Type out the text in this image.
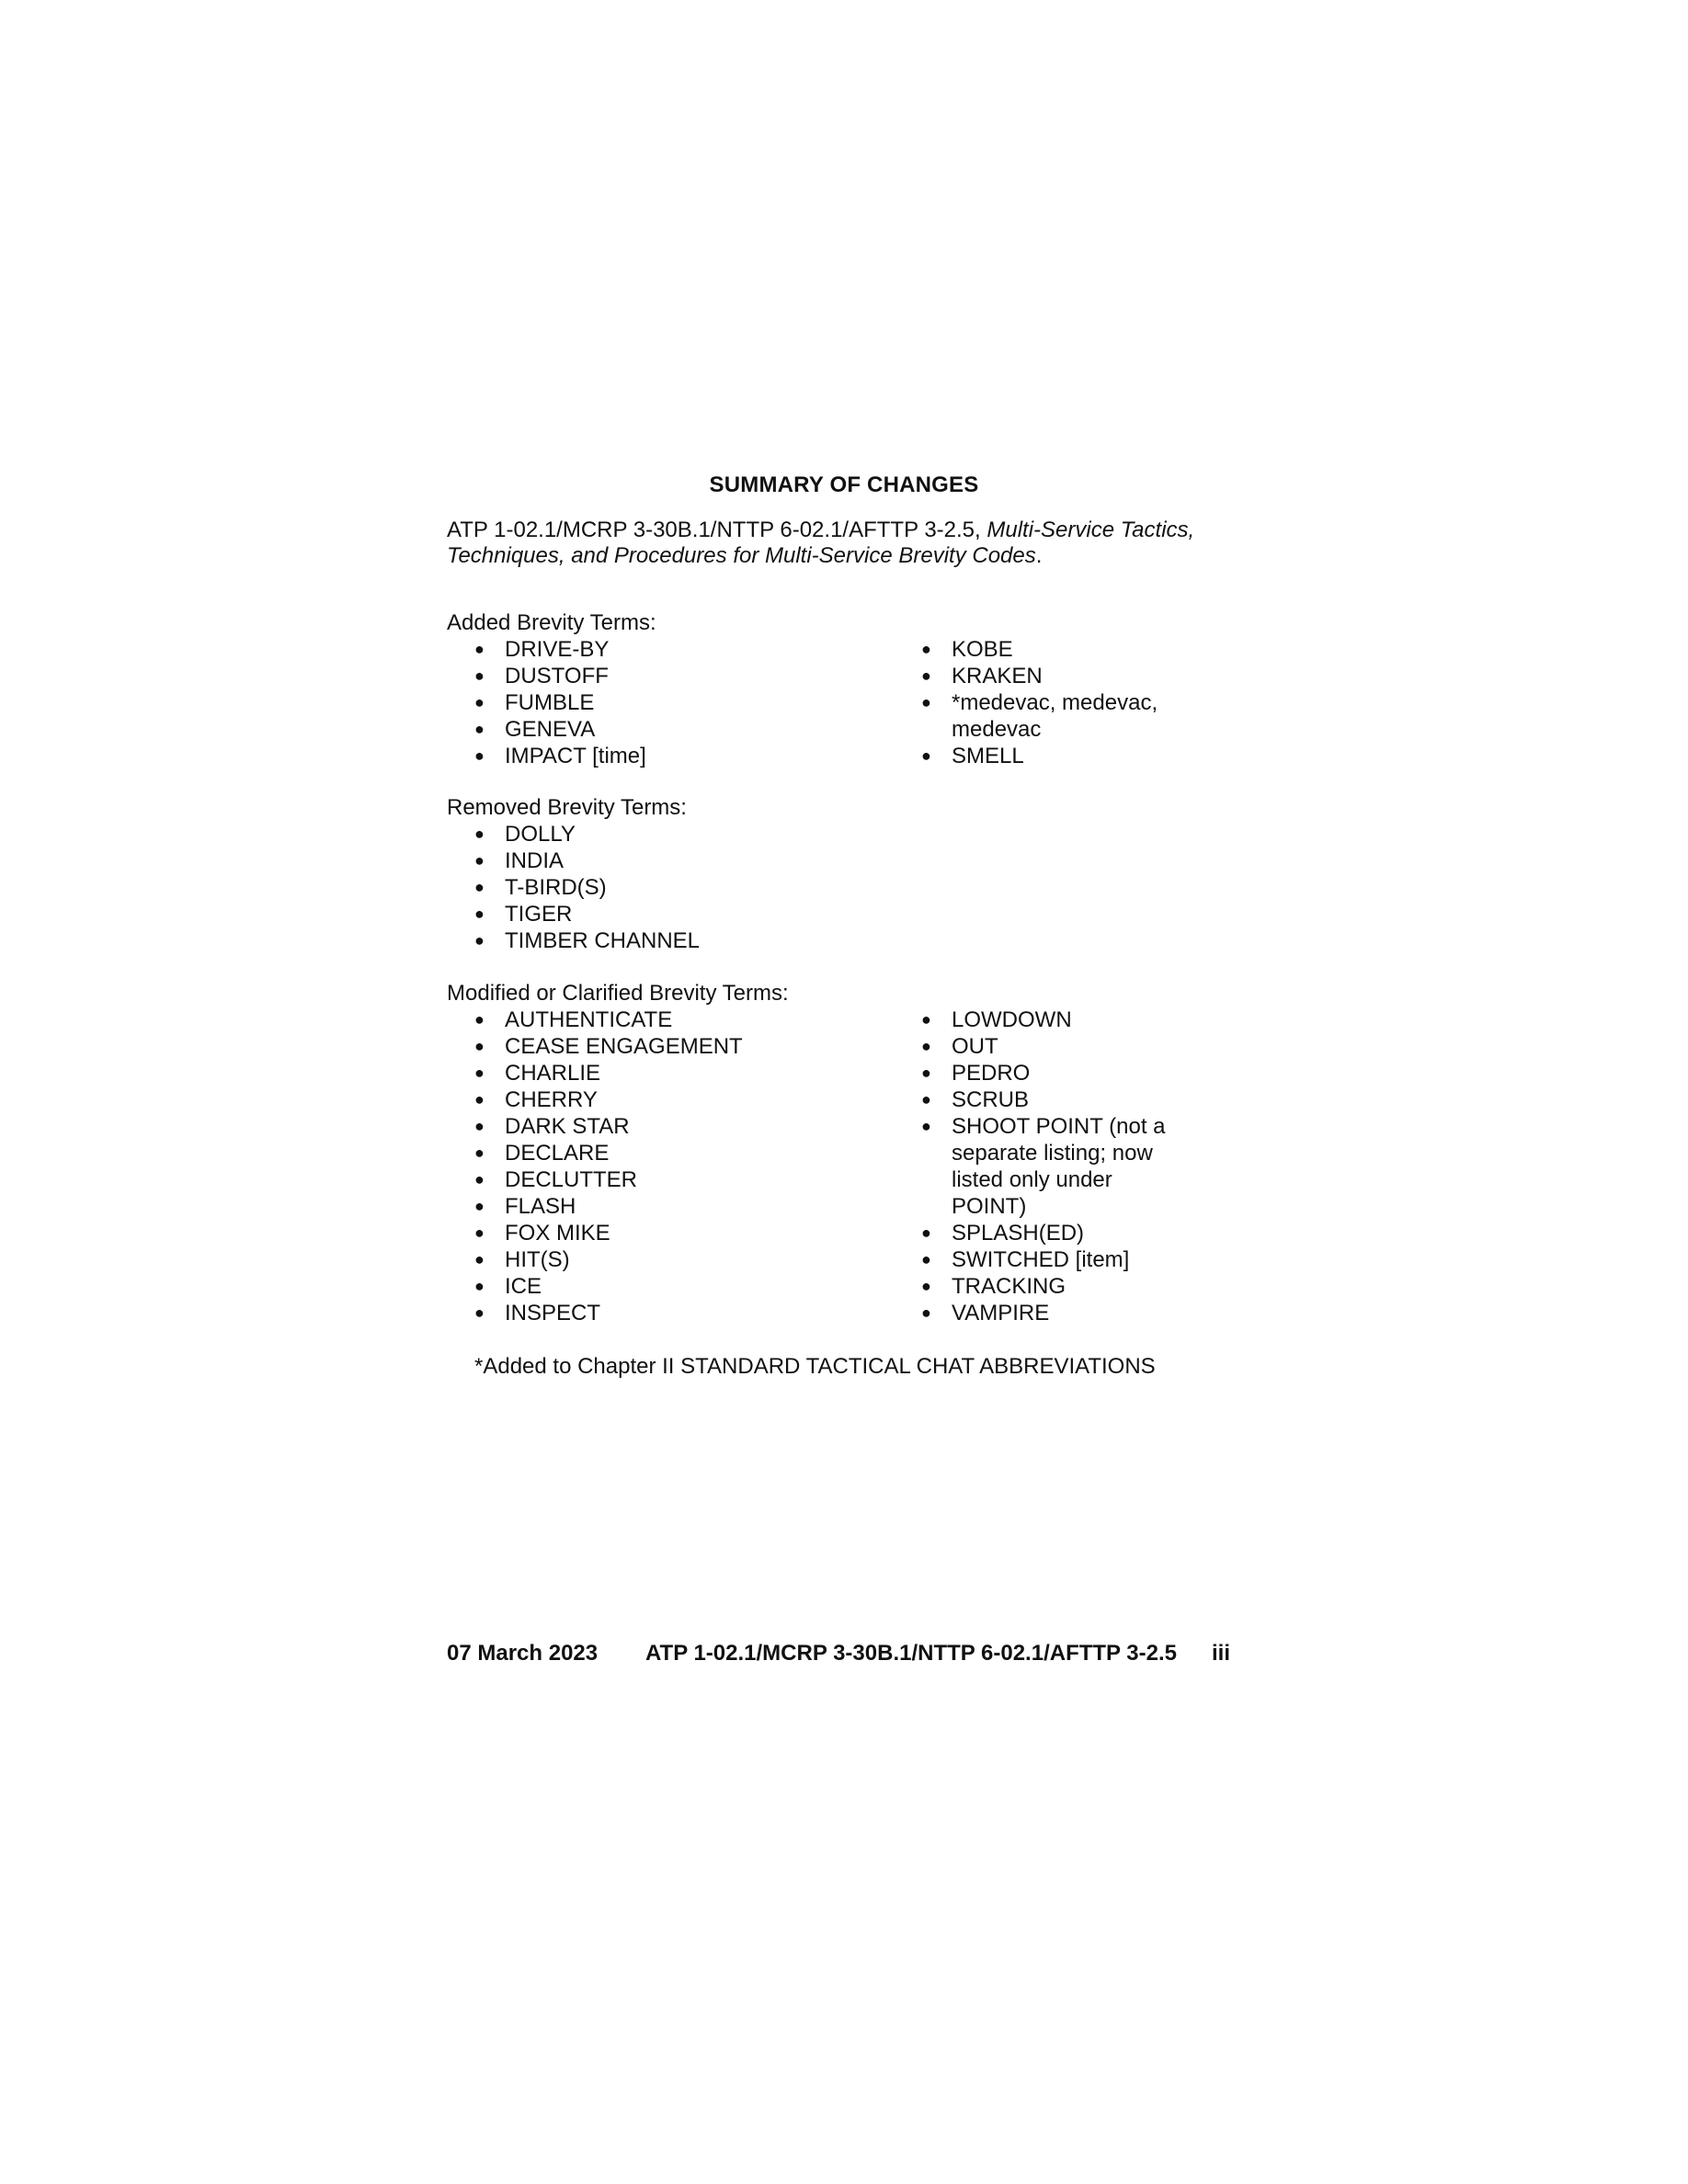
SUMMARY OF CHANGES
ATP 1-02.1/MCRP 3-30B.1/NTTP 6-02.1/AFTTP 3-2.5, Multi-Service Tactics, Techniques, and Procedures for Multi-Service Brevity Codes.
Added Brevity Terms:
● DRIVE-BY
● DUSTOFF
● FUMBLE
● GENEVA
● IMPACT [time]
● KOBE
● KRAKEN
● *medevac, medevac, medevac
● SMELL
Removed Brevity Terms:
● DOLLY
● INDIA
● T-BIRD(S)
● TIGER
● TIMBER CHANNEL
Modified or Clarified Brevity Terms:
● AUTHENTICATE
● CEASE ENGAGEMENT
● CHARLIE
● CHERRY
● DARK STAR
● DECLARE
● DECLUTTER
● FLASH
● FOX MIKE
● HIT(S)
● ICE
● INSPECT
● LOWDOWN
● OUT
● PEDRO
● SCRUB
● SHOOT POINT (not a separate listing; now listed only under POINT)
● SPLASH(ED)
● SWITCHED [item]
● TRACKING
● VAMPIRE
*Added to Chapter II STANDARD TACTICAL CHAT ABBREVIATIONS
07 March 2023 ATP 1-02.1/MCRP 3-30B.1/NTTP 6-02.1/AFTTP 3-2.5 iii
